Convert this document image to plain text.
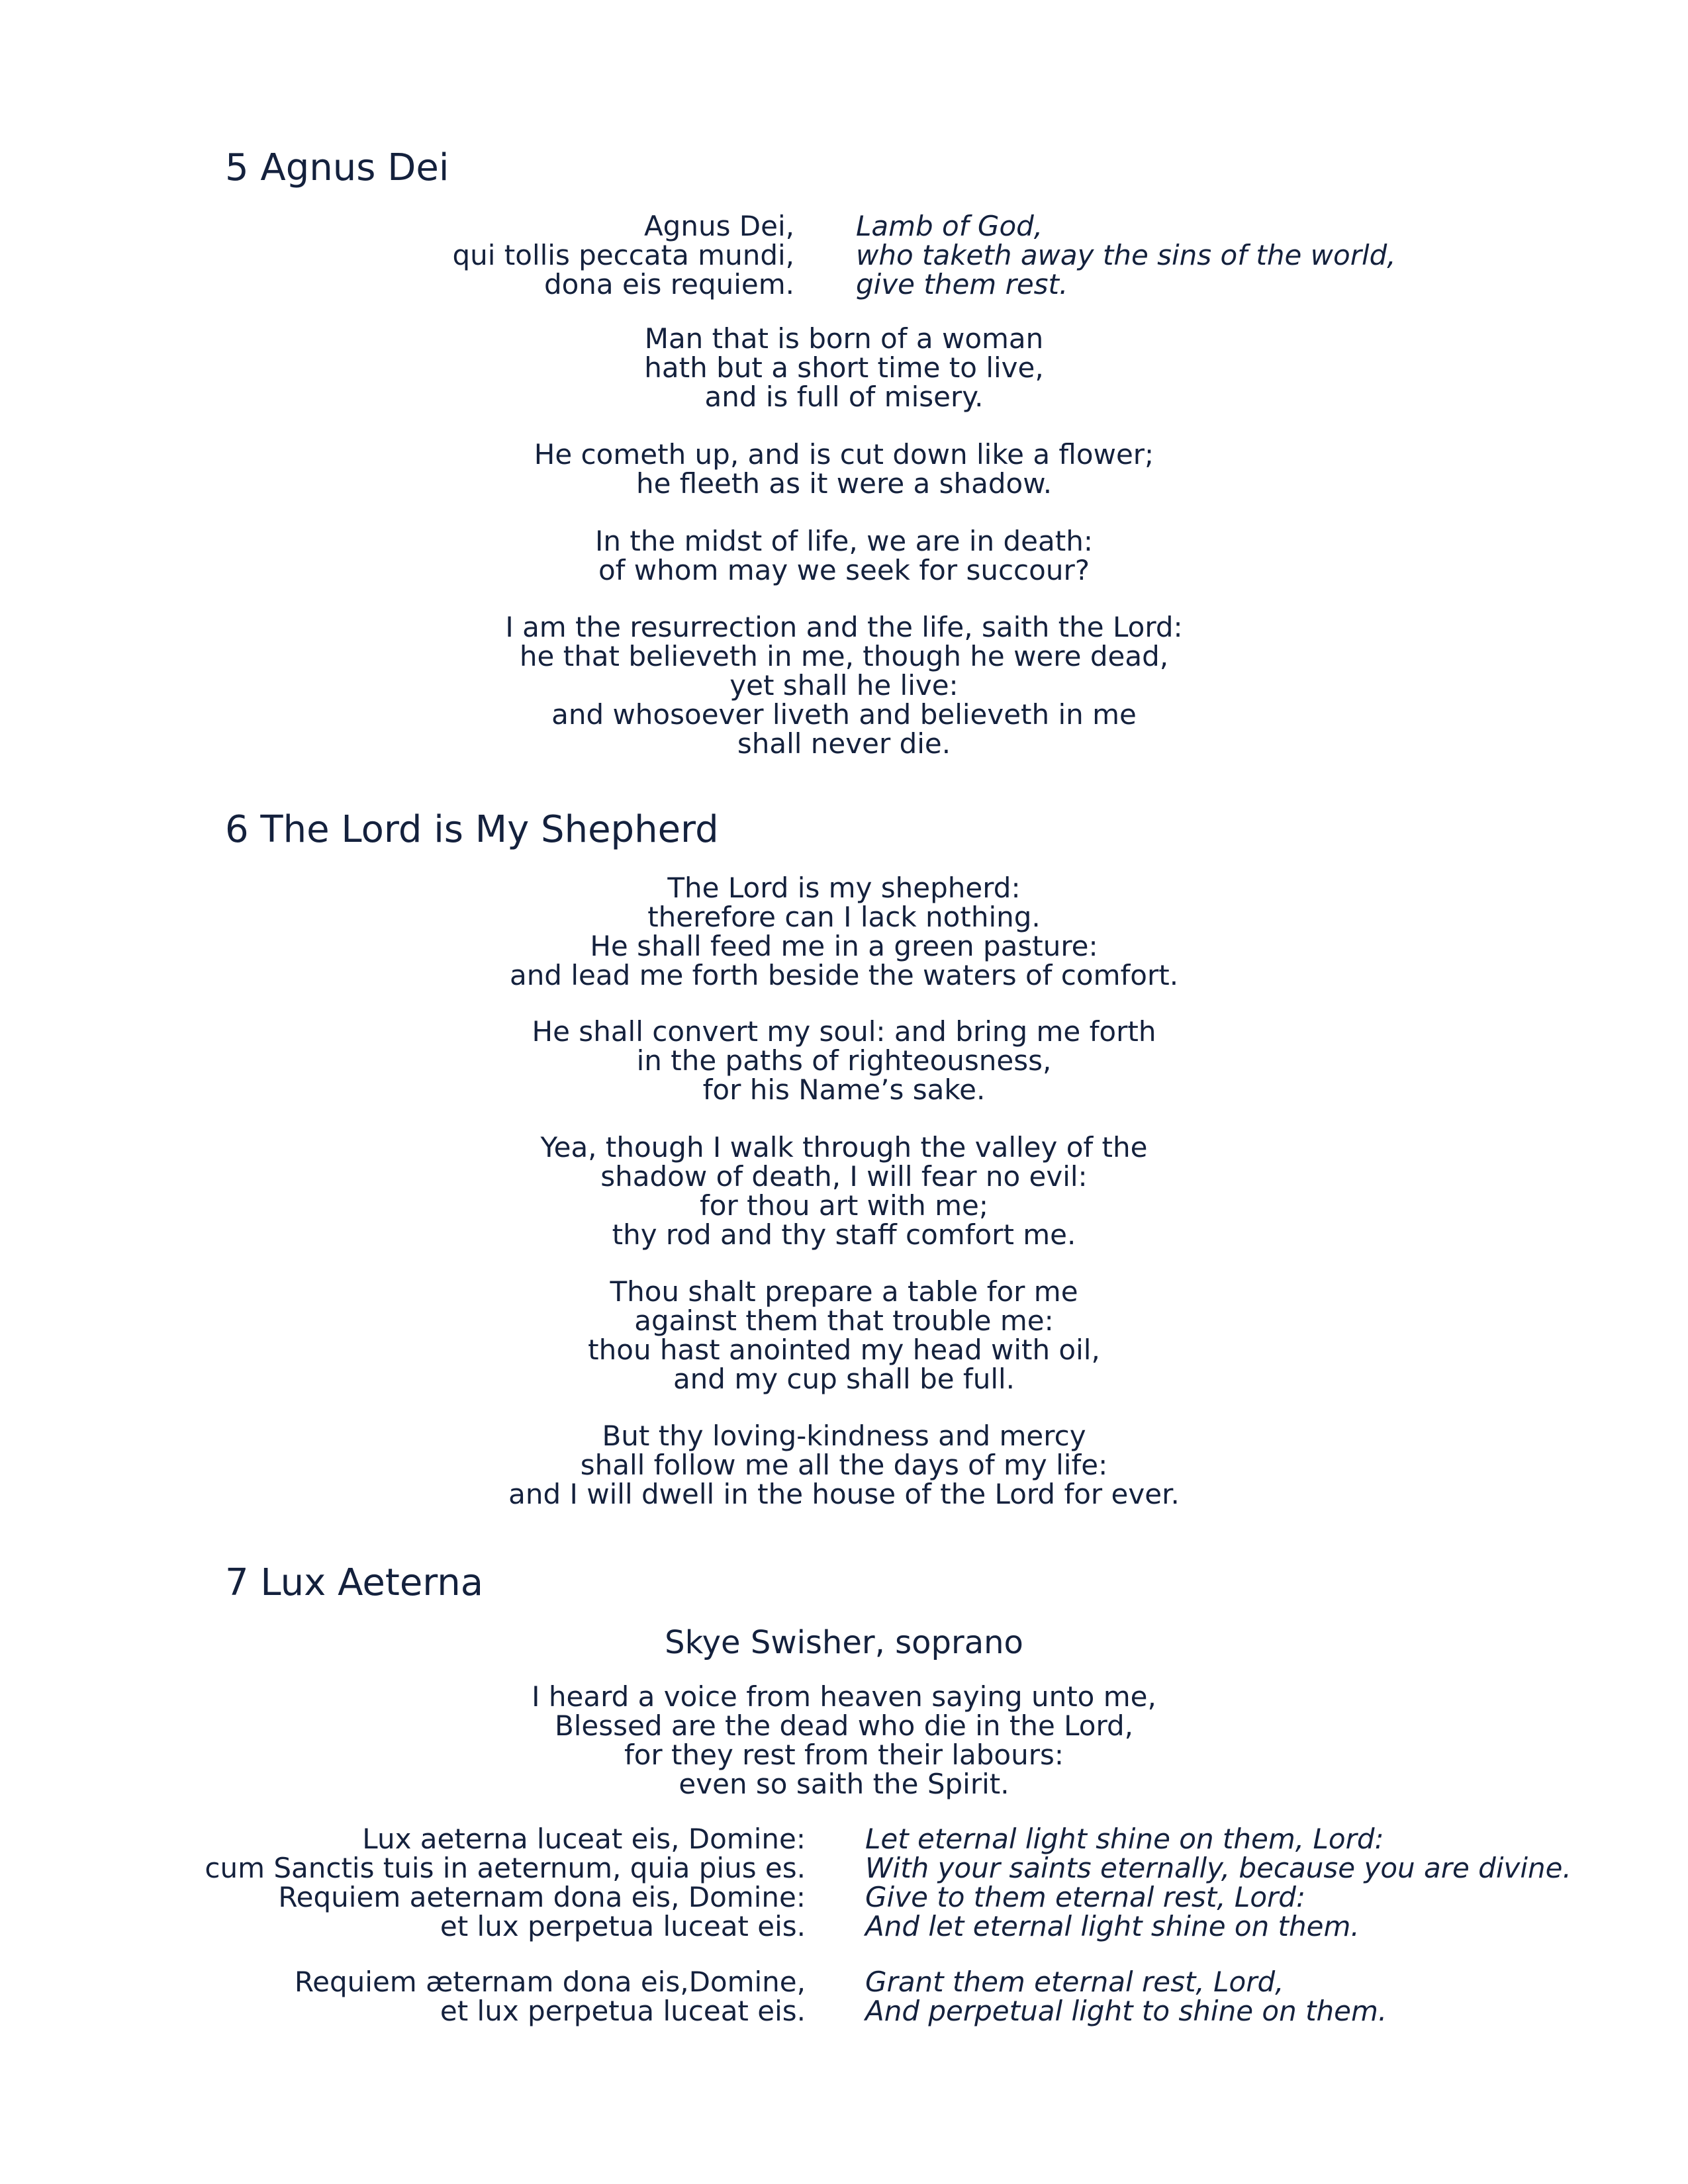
5 Agnus Dei
Agnus Dei,
qui tollis peccata mundi,
dona eis requiem.
Lamb of God,
who taketh away the sins of the world,
give them rest.
Man that is born of a woman
hath but a short time to live,
and is full of misery.
He cometh up, and is cut down like a flower;
he fleeth as it were a shadow.
In the midst of life, we are in death:
of whom may we seek for succour?
I am the resurrection and the life, saith the Lord:
he that believeth in me, though he were dead,
yet shall he live:
and whosoever liveth and believeth in me
shall never die.
6 The Lord is My Shepherd
The Lord is my shepherd:
therefore can I lack nothing.
He shall feed me in a green pasture:
and lead me forth beside the waters of comfort.
He shall convert my soul: and bring me forth
in the paths of righteousness,
for his Name’s sake.
Yea, though I walk through the valley of the
shadow of death, I will fear no evil:
for thou art with me;
thy rod and thy staff comfort me.
Thou shalt prepare a table for me
against them that trouble me:
thou hast anointed my head with oil,
and my cup shall be full.
But thy loving-kindness and mercy
shall follow me all the days of my life:
and I will dwell in the house of the Lord for ever.
7 Lux Aeterna

Skye Swisher, soprano

I heard a voice from heaven saying unto me,
Blessed are the dead who die in the Lord,
for they rest from their labours:
even so saith the Spirit.
Lux aeterna luceat eis, Domine:
cum Sanctis tuis in aeternum, quia pius es.
Requiem aeternam dona eis, Domine:
et lux perpetua luceat eis.
Let eternal light shine on them, Lord:
With your saints eternally, because you are divine.
Give to them eternal rest, Lord:
And let eternal light shine on them.
Requiem æternam dona eis,Domine,
et lux perpetua luceat eis.
Grant them eternal rest, Lord,
And perpetual light to shine on them.
